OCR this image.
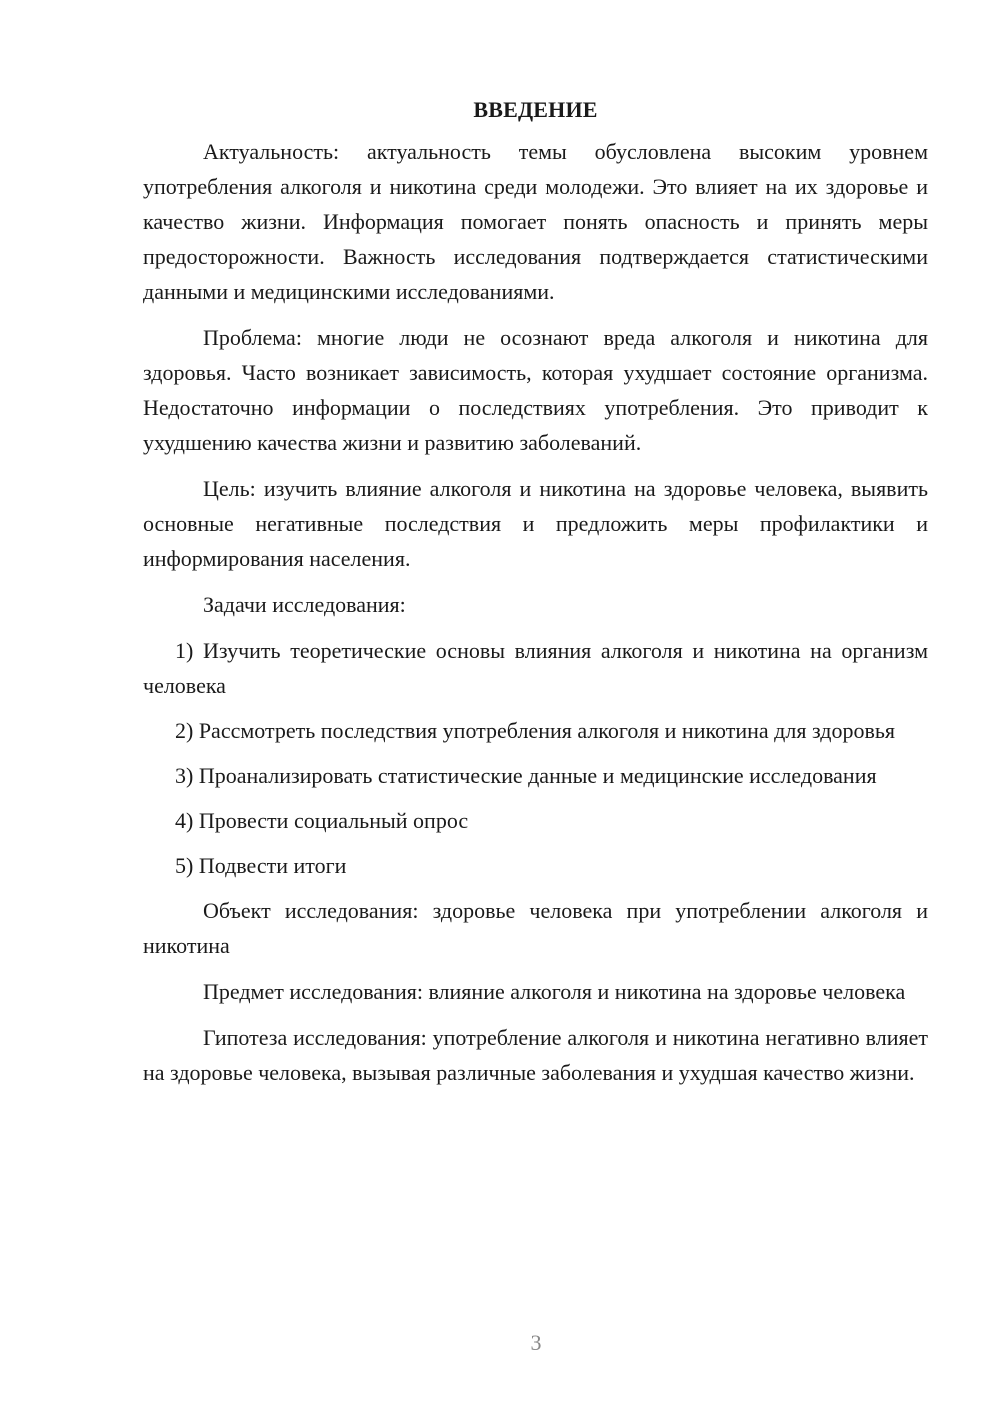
ВВЕДЕНИЕ

Актуальность: актуальность темы обусловлена высоким уровнем употребления алкоголя и никотина среди молодежи. Это влияет на их здоровье и качество жизни. Информация помогает понять опасность и принять меры предосторожности. Важность исследования подтверждается статистическими данными и медицинскими исследованиями.

Проблема: многие люди не осознают вреда алкоголя и никотина для здоровья. Часто возникает зависимость, которая ухудшает состояние организма. Недостаточно информации о последствиях употребления. Это приводит к ухудшению качества жизни и развитию заболеваний.

Цель: изучить влияние алкоголя и никотина на здоровье человека, выявить основные негативные последствия и предложить меры профилактики и информирования населения.

Задачи исследования:

1) Изучить теоретические основы влияния алкоголя и никотина на организм человека

2) Рассмотреть последствия употребления алкоголя и никотина для здоровья

3) Проанализировать статистические данные и медицинские исследования

4) Провести социальный опрос

5) Подвести итоги

Объект исследования: здоровье человека при употреблении алкоголя и никотина

Предмет исследования: влияние алкоголя и никотина на здоровье человека

Гипотеза исследования: употребление алкоголя и никотина негативно влияет на здоровье человека, вызывая различные заболевания и ухудшая качество жизни.

3
